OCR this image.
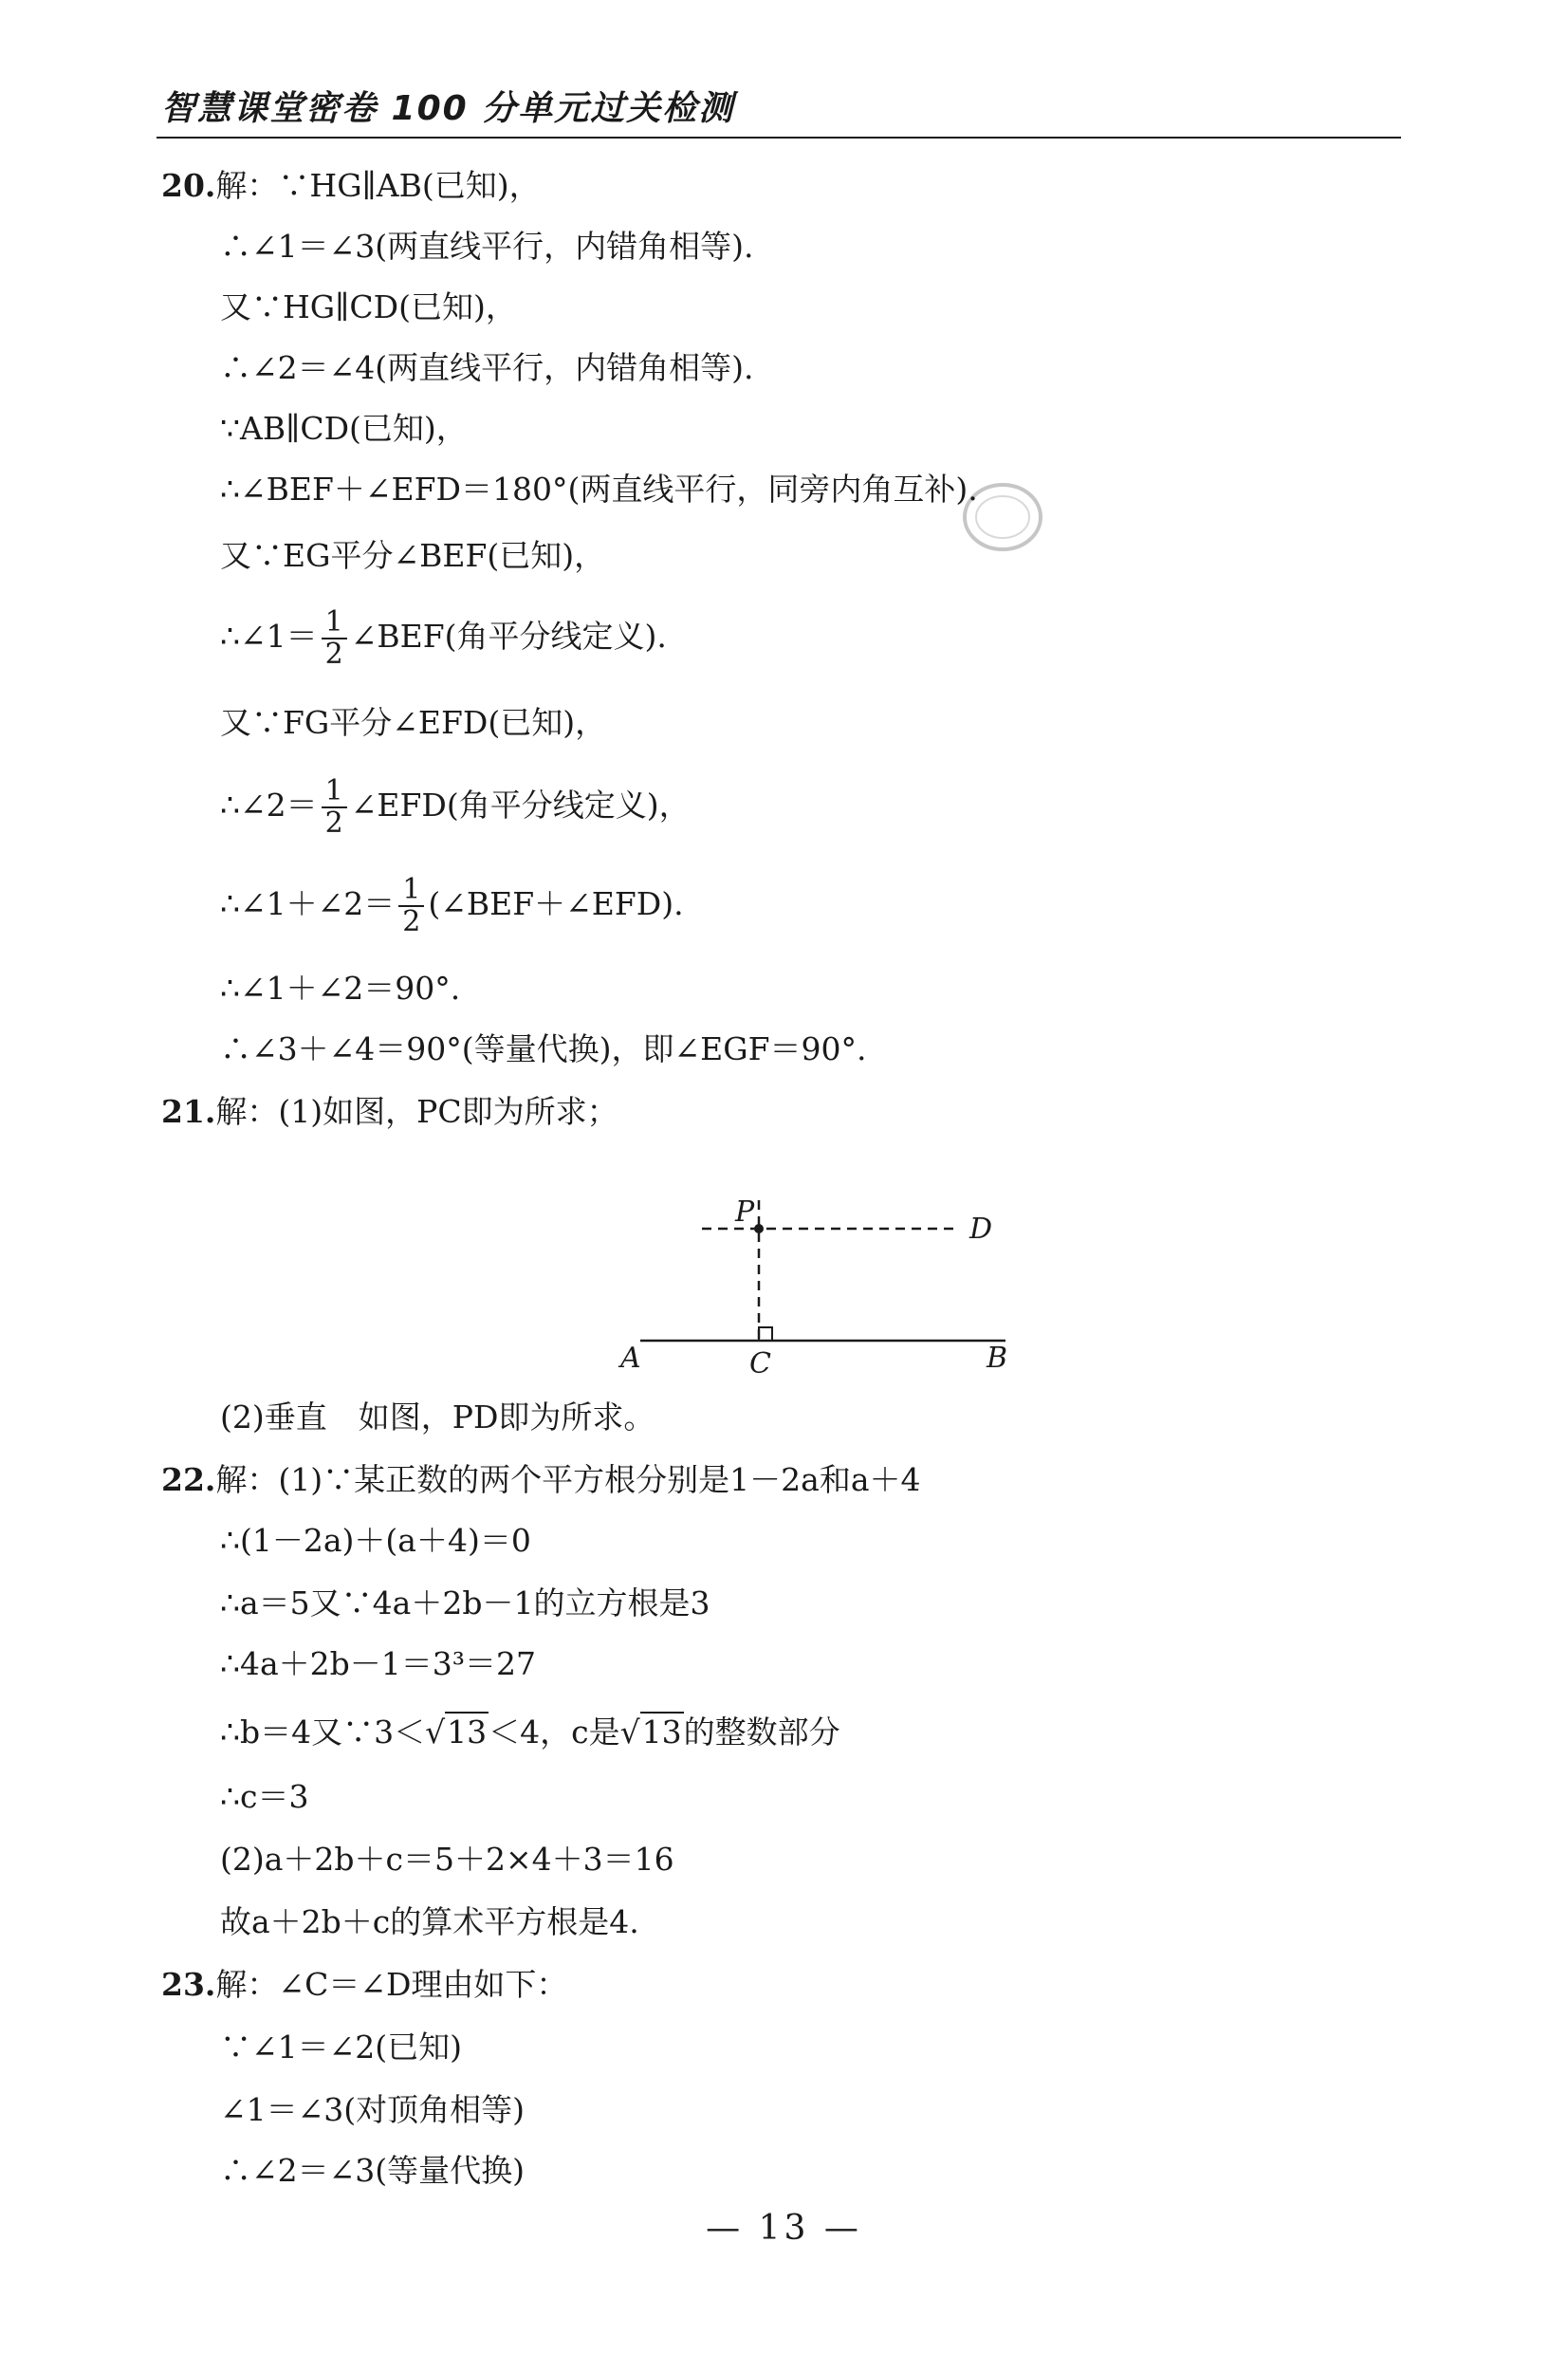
智慧课堂密卷 100 分单元过关检测
20.解：∵HG∥AB(已知)，
∴∠1＝∠3(两直线平行，内错角相等).
又∵HG∥CD(已知)，
∴∠2＝∠4(两直线平行，内错角相等).
∵AB∥CD(已知)，
∴∠BEF＋∠EFD＝180°(两直线平行，同旁内角互补).
又∵EG平分∠BEF(已知)，
∴∠1＝ $\frac{1}{2}$ ∠BEF(角平分线定义).
又∵FG平分∠EFD(已知)，
∴∠2＝ $\frac{1}{2}$ ∠EFD(角平分线定义)，
∴∠1＋∠2＝ $\frac{1}{2}$ (∠BEF＋∠EFD).
∴∠1＋∠2＝90°.
∴∠3＋∠4＝90°(等量代换)，即∠EGF＝90°.
21.解：(1)如图，PC即为所求；
P
D
A	C	B
(2)垂直　如图，PD即为所求。
22.解：(1)∵某正数的两个平方根分别是1－2a和a＋4
∴(1－2a)＋(a＋4)＝0
∴a＝5又∵4a＋2b－1的立方根是3
∴4a＋2b－1＝3³＝27
∴b＝4又∵3＜√13＜4，c是√13的整数部分
∴c＝3
(2)a＋2b＋c＝5＋2×4＋3＝16
故a＋2b＋c的算术平方根是4.
23.解：∠C＝∠D理由如下：
∵∠1＝∠2(已知)
∠1＝∠3(对顶角相等)
∴∠2＝∠3(等量代换)
— 13 —
